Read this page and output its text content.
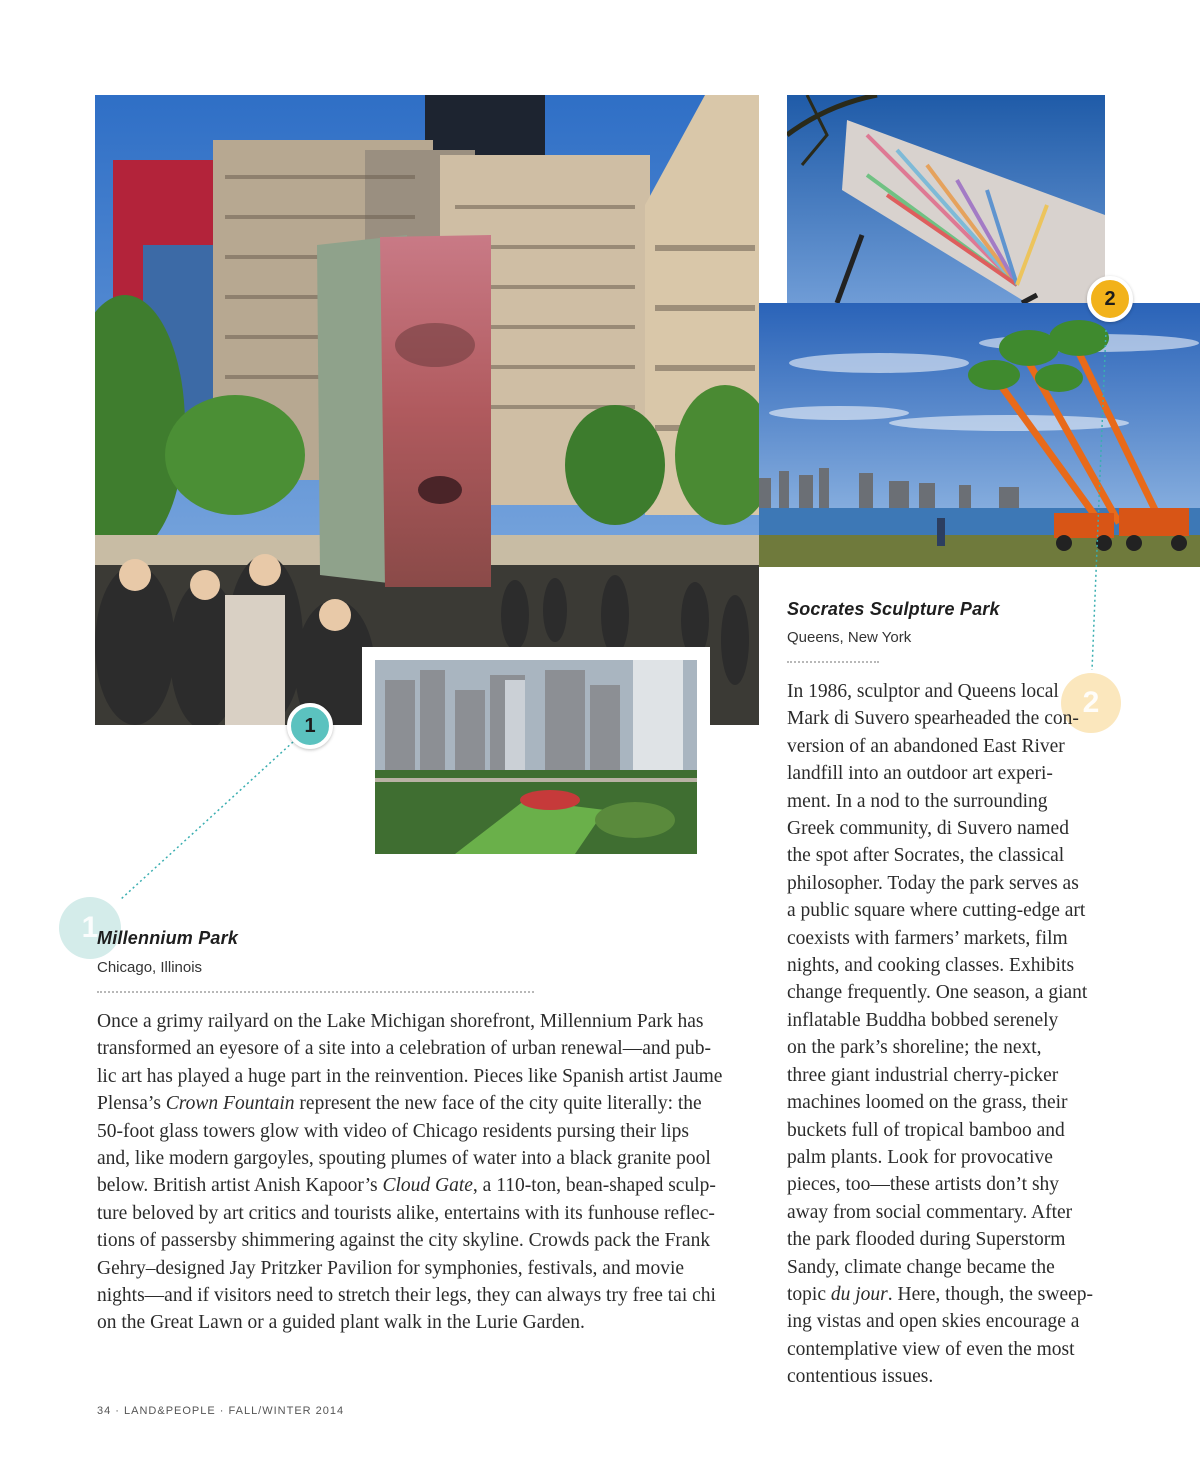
1
2
1
2
Millennium Park

Chicago, Illinois

Once a grimy railyard on the Lake Michigan shorefront, Millennium Park has
transformed an eyesore of a site into a celebration of urban renewal—and pub-
lic art has played a huge part in the reinvention. Pieces like Spanish artist Jaume
Plensa’s Crown Fountain represent the new face of the city quite literally: the
50-foot glass towers glow with video of Chicago residents pursing their lips
and, like modern gargoyles, spouting plumes of water into a black granite pool
below. British artist Anish Kapoor’s Cloud Gate, a 110-ton, bean-shaped sculp-
ture beloved by art critics and tourists alike, entertains with its funhouse reflec-
tions of passersby shimmering against the city skyline. Crowds pack the Frank
Gehry–designed Jay Pritzker Pavilion for symphonies, festivals, and movie
nights—and if visitors need to stretch their legs, they can always try free tai chi
on the Great Lawn or a guided plant walk in the Lurie Garden.
Socrates Sculpture Park

Queens, New York

In 1986, sculptor and Queens local
Mark di Suvero spearheaded the con-
version of an abandoned East River
landfill into an outdoor art experi-
ment. In a nod to the surrounding
Greek community, di Suvero named
the spot after Socrates, the classical
philosopher. Today the park serves as
a public square where cutting-edge art
coexists with farmers’ markets, film
nights, and cooking classes. Exhibits
change frequently. One season, a giant
inflatable Buddha bobbed serenely
on the park’s shoreline; the next,
three giant industrial cherry-picker
machines loomed on the grass, their
buckets full of tropical bamboo and
palm plants. Look for provocative
pieces, too—these artists don’t shy
away from social commentary. After
the park flooded during Superstorm
Sandy, climate change became the
topic du jour. Here, though, the sweep-
ing vistas and open skies encourage a
contemplative view of even the most
contentious issues.
34 · LAND&PEOPLE · FALL/WINTER 2014
